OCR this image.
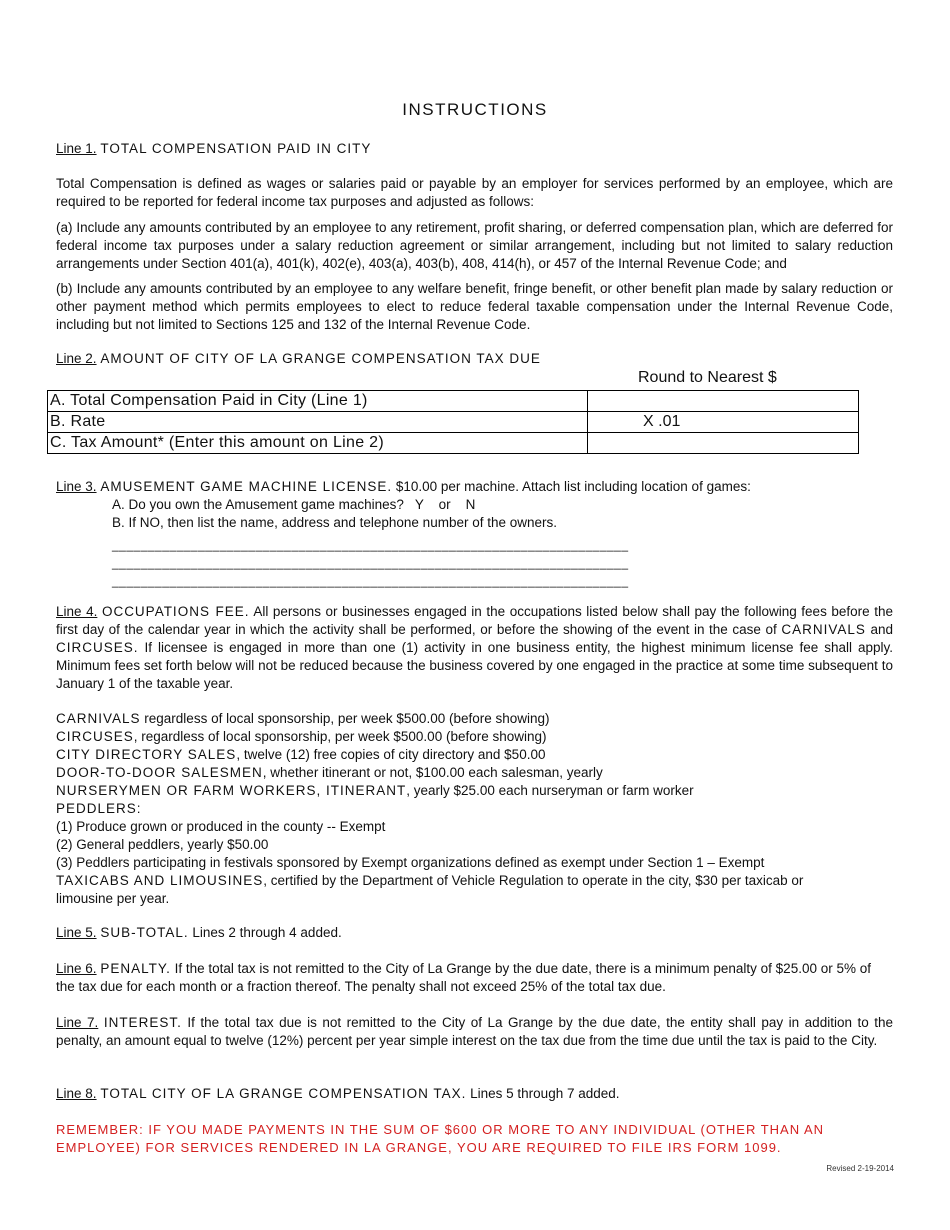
INSTRUCTIONS
Line 1. TOTAL COMPENSATION PAID IN CITY
Total Compensation is defined as wages or salaries paid or payable by an employer for services performed by an employee, which are required to be reported for federal income tax purposes and adjusted as follows:
(a) Include any amounts contributed by an employee to any retirement, profit sharing, or deferred compensation plan, which are deferred for federal income tax purposes under a salary reduction agreement or similar arrangement, including but not limited to salary reduction arrangements under Section 401(a), 401(k), 402(e), 403(a), 403(b), 408, 414(h), or 457 of the Internal Revenue Code; and
(b) Include any amounts contributed by an employee to any welfare benefit, fringe benefit, or other benefit plan made by salary reduction or other payment method which permits employees to elect to reduce federal taxable compensation under the Internal Revenue Code, including but not limited to Sections 125 and 132 of the Internal Revenue Code.
Line 2. AMOUNT OF CITY OF LA GRANGE COMPENSATION TAX DUE
Round to Nearest $
A. Total Compensation Paid in City (Line 1)	
B. Rate	X .01
C. Tax Amount* (Enter this amount on Line 2)	
Line 3. AMUSEMENT GAME MACHINE LICENSE. $10.00 per machine. Attach list including location of games:
A. Do you own the Amusement game machines?   Y    or    N
B. If NO, then list the name, address and telephone number of the owners.
________________________________________________________________________
________________________________________________________________________
________________________________________________________________________
Line 4. OCCUPATIONS FEE. All persons or businesses engaged in the occupations listed below shall pay the following fees before the first day of the calendar year in which the activity shall be performed, or before the showing of the event in the case of CARNIVALS and CIRCUSES. If licensee is engaged in more than one (1) activity in one business entity, the highest minimum license fee shall apply. Minimum fees set forth below will not be reduced because the business covered by one engaged in the practice at some time subsequent to January 1 of the taxable year.
CARNIVALS regardless of local sponsorship, per week $500.00 (before showing)
CIRCUSES, regardless of local sponsorship, per week $500.00 (before showing)
CITY DIRECTORY SALES, twelve (12) free copies of city directory and $50.00
DOOR-TO-DOOR SALESMEN, whether itinerant or not, $100.00 each salesman, yearly
NURSERYMEN OR FARM WORKERS, ITINERANT, yearly $25.00 each nurseryman or farm worker
PEDDLERS:
(1) Produce grown or produced in the county -- Exempt
(2) General peddlers, yearly $50.00
(3) Peddlers participating in festivals sponsored by Exempt organizations defined as exempt under Section 1 – Exempt
TAXICABS AND LIMOUSINES, certified by the Department of Vehicle Regulation to operate in the city, $30 per taxicab or limousine per year.
Line 5. SUB-TOTAL. Lines 2 through 4 added.
Line 6. PENALTY. If the total tax is not remitted to the City of La Grange by the due date, there is a minimum penalty of $25.00 or 5% of the tax due for each month or a fraction thereof. The penalty shall not exceed 25% of the total tax due.
Line 7. INTEREST. If the total tax due is not remitted to the City of La Grange by the due date, the entity shall pay in addition to the penalty, an amount equal to twelve (12%) percent per year simple interest on the tax due from the time due until the tax is paid to the City.
Line 8. TOTAL CITY OF LA GRANGE COMPENSATION TAX. Lines 5 through 7 added.
REMEMBER: IF YOU MADE PAYMENTS IN THE SUM OF $600 OR MORE TO ANY INDIVIDUAL (OTHER THAN AN EMPLOYEE) FOR SERVICES RENDERED IN LA GRANGE, YOU ARE REQUIRED TO FILE IRS FORM 1099.
Revised 2-19-2014
